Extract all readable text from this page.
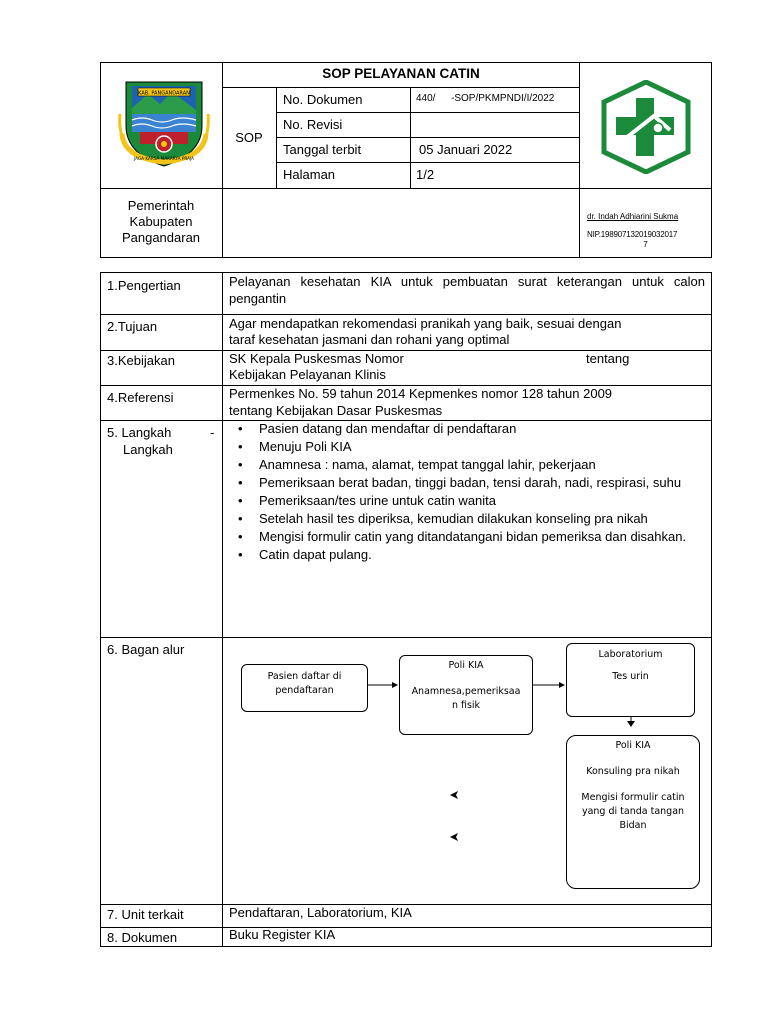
KAB. PANGANDARAN
JAGA KARSA MAKARYA PRAJA
SOP PELAYANAN CATIN
SOP
No. Dokumen	440/ -SOP/PKMPNDI/I/2022
No. Revisi
Tanggal terbit	05 Januari 2022
Halaman	1/2
Pemerintah
Kabupaten
Pangandaran
dr. Indah Adhiarini Sukma
NIP.198907132019032017
7
1.Pengertian	Pelayanan kesehatan KIA untuk pembuatan surat keterangan untuk calon pengantin
2.Tujuan	Agar mendapatkan rekomendasi pranikah yang baik, sesuai dengan
taraf kesehatan jasmani dan rohani yang optimal
3.Kebijakan	SK Kepala Puskesmas Nomor	tentang
Kebijakan Pelayanan Klinis
4.Referensi	Permenkes No. 59 tahun 2014 Kepmenkes nomor 128 tahun 2009
tentang Kebijakan Dasar Puskesmas
5. Langkah	-
Langkah
• Pasien datang dan mendaftar di pendaftaran
• Menuju Poli KIA
• Anamnesa : nama, alamat, tempat tanggal lahir, pekerjaan
• Pemeriksaan berat badan, tinggi badan, tensi darah, nadi, respirasi, suhu
• Pemeriksaan/tes urine untuk catin wanita
• Setelah hasil tes diperiksa, kemudian dilakukan konseling pra nikah
• Mengisi formulir catin yang ditandatangani bidan pemeriksa dan disahkan.
• Catin dapat pulang.
6. Bagan alur
Pasien daftar di
pendaftaran
Poli KIA
Anamnesa,pemeriksaa
n fisik
Laboratorium
Tes urin
Poli KIA
Konsuling pra nikah
Mengisi formulir catin
yang di tanda tangan
Bidan
7. Unit terkait	Pendaftaran, Laboratorium, KIA
8. Dokumen	Buku Register KIA
